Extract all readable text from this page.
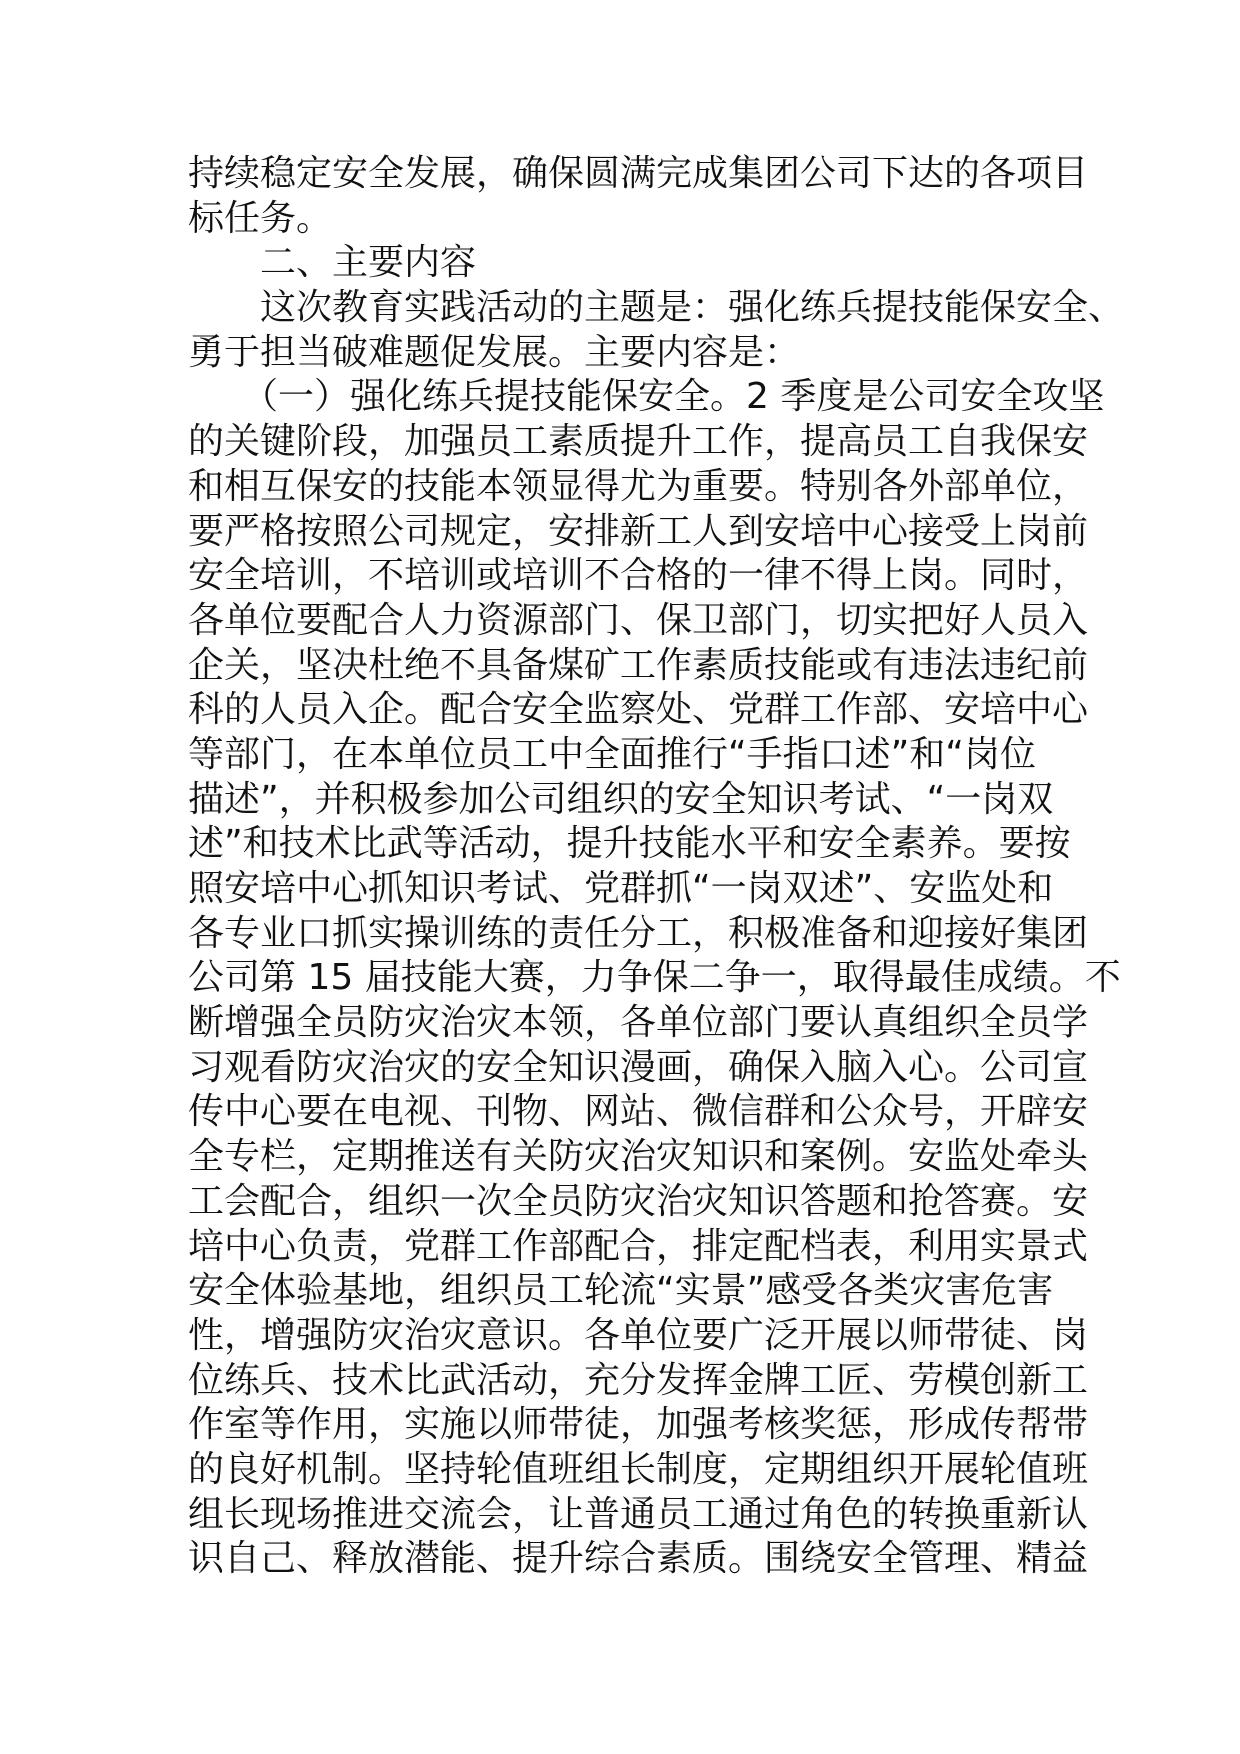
持续稳定安全发展，确保圆满完成集团公司下达的各项目
标任务。
　　二、主要内容
　　这次教育实践活动的主题是：强化练兵提技能保安全、
勇于担当破难题促发展。主要内容是：
　　（一）强化练兵提技能保安全。2 季度是公司安全攻坚
的关键阶段，加强员工素质提升工作，提高员工自我保安
和相互保安的技能本领显得尤为重要。特别各外部单位，
要严格按照公司规定，安排新工人到安培中心接受上岗前
安全培训，不培训或培训不合格的一律不得上岗。同时，
各单位要配合人力资源部门、保卫部门，切实把好人员入
企关，坚决杜绝不具备煤矿工作素质技能或有违法违纪前
科的人员入企。配合安全监察处、党群工作部、安培中心
等部门，在本单位员工中全面推行“手指口述”和“岗位
描述”，并积极参加公司组织的安全知识考试、“一岗双
述”和技术比武等活动，提升技能水平和安全素养。要按
照安培中心抓知识考试、党群抓“一岗双述”、安监处和
各专业口抓实操训练的责任分工，积极准备和迎接好集团
公司第 15 届技能大赛，力争保二争一，取得最佳成绩。不
断增强全员防灾治灾本领，各单位部门要认真组织全员学
习观看防灾治灾的安全知识漫画，确保入脑入心。公司宣
传中心要在电视、刊物、网站、微信群和公众号，开辟安
全专栏，定期推送有关防灾治灾知识和案例。安监处牵头
工会配合，组织一次全员防灾治灾知识答题和抢答赛。安
培中心负责，党群工作部配合，排定配档表，利用实景式
安全体验基地，组织员工轮流“实景”感受各类灾害危害
性，增强防灾治灾意识。各单位要广泛开展以师带徒、岗
位练兵、技术比武活动，充分发挥金牌工匠、劳模创新工
作室等作用，实施以师带徒，加强考核奖惩，形成传帮带
的良好机制。坚持轮值班组长制度，定期组织开展轮值班
组长现场推进交流会，让普通员工通过角色的转换重新认
识自己、释放潜能、提升综合素质。围绕安全管理、精益
